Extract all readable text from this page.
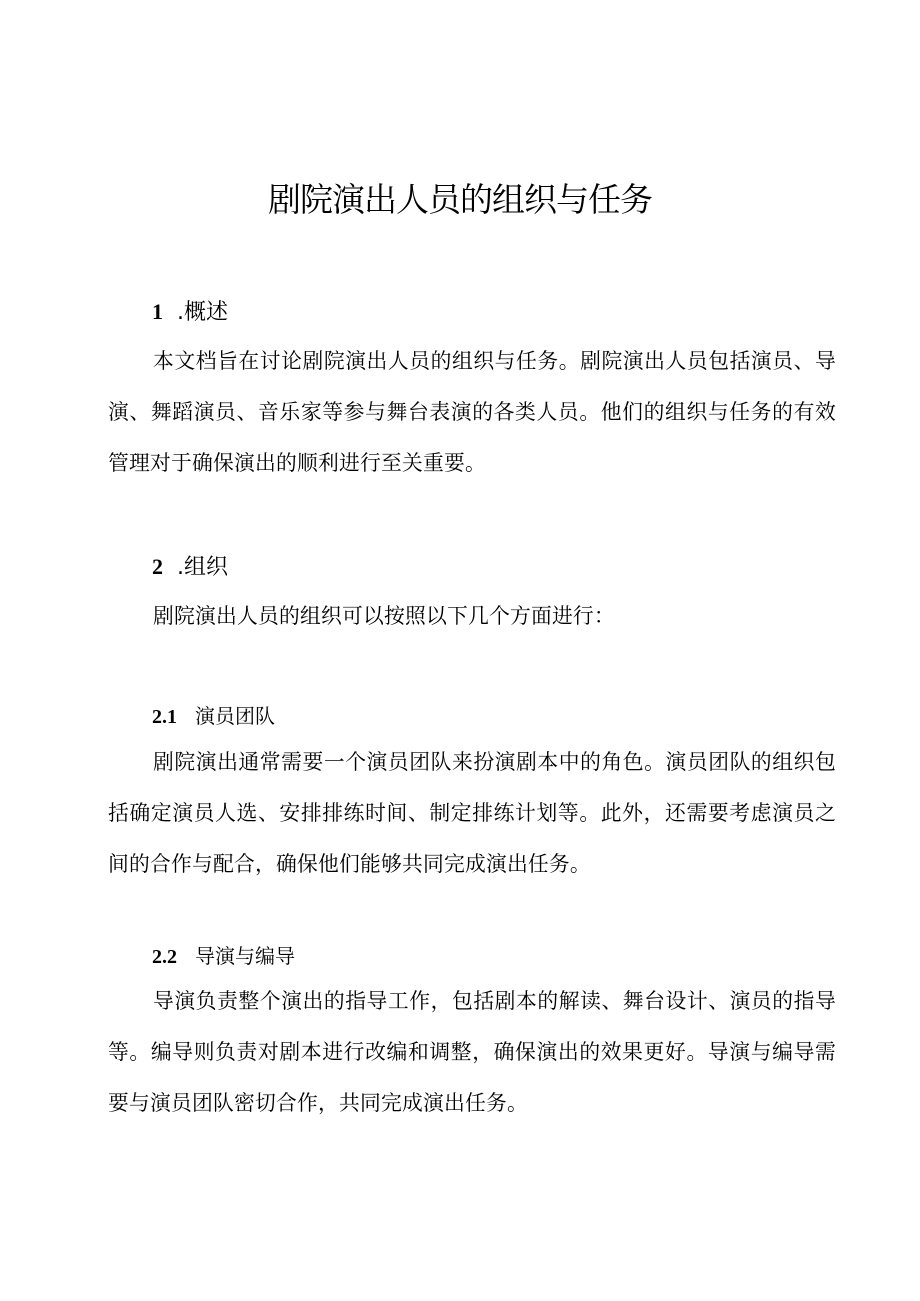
剧院演出人员的组织与任务
1 .概述

本文档旨在讨论剧院演出人员的组织与任务。剧院演出人员包括演员、导演、舞蹈演员、音乐家等参与舞台表演的各类人员。他们的组织与任务的有效管理对于确保演出的顺利进行至关重要。

2 .组织

剧院演出人员的组织可以按照以下几个方面进行：

2.1 演员团队

剧院演出通常需要一个演员团队来扮演剧本中的角色。演员团队的组织包括确定演员人选、安排排练时间、制定排练计划等。此外，还需要考虑演员之间的合作与配合，确保他们能够共同完成演出任务。

2.2 导演与编导

导演负责整个演出的指导工作，包括剧本的解读、舞台设计、演员的指导等。编导则负责对剧本进行改编和调整，确保演出的效果更好。导演与编导需要与演员团队密切合作，共同完成演出任务。
